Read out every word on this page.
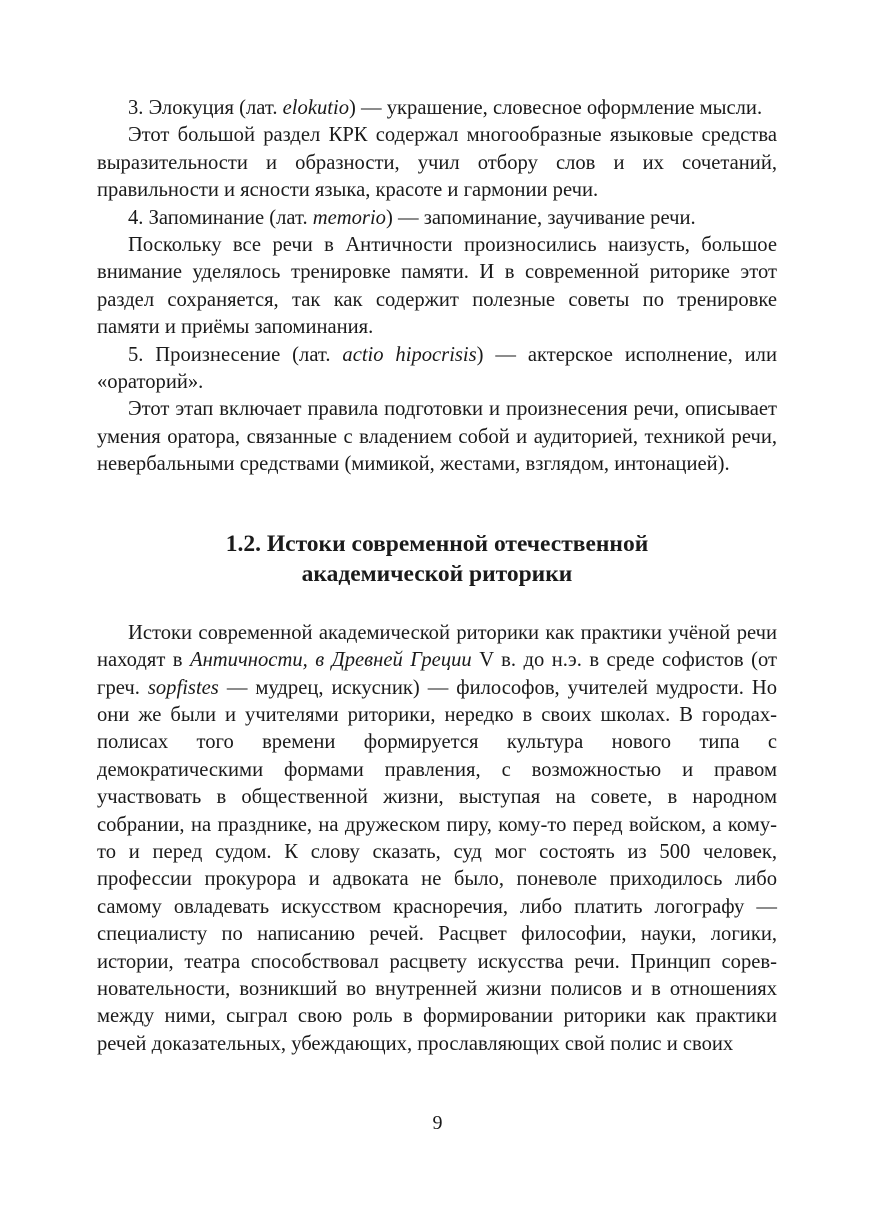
3. Элокуция (лат. elokutio) — украшение, словесное оформление мысли.

Этот большой раздел КРК содержал многообразные языковые средства выразительности и образности, учил отбору слов и их сочетаний, правильности и ясности языка, красоте и гармонии речи.

4. Запоминание (лат. memorio) — запоминание, заучивание речи.

Поскольку все речи в Античности произносились наизусть, большое внимание уделялось тренировке памяти. И в современной риторике этот раздел сохраняется, так как содержит полезные советы по тренировке памяти и приёмы запоминания.

5. Произнесение (лат. actio hipocrisis) — актерское исполнение, или «ораторий».

Этот этап включает правила подготовки и произнесения речи, описывает умения оратора, связанные с владением собой и аудиторией, техникой речи, невербальными средствами (мимикой, жестами, взглядом, интонацией).

1.2. Истоки современной отечественной
академической риторики

Истоки современной академической риторики как практики учёной речи находят в Античности, в Древней Греции V в. до н.э. в среде софистов (от греч. sopfistes — мудрец, искусник) — философов, учителей мудрости. Но они же были и учителями риторики, нередко в своих школах. В городах-полисах того времени формируется культура нового типа с демократическими формами правления, с возможностью и правом участвовать в общественной жизни, выступая на совете, в народном собрании, на празднике, на дружеском пиру, кому-то перед войском, а кому-то и перед судом. К слову сказать, суд мог состоять из 500 человек, профессии прокурора и адвоката не было, поневоле приходилось либо самому овладевать искусством красноречия, либо платить логографу — специалисту по написанию речей. Расцвет философии, науки, логики, истории, театра способствовал расцвету искусства речи. Принцип соревновательности, возникший во внутренней жизни полисов и в отношениях между ними, сыграл свою роль в формировании риторики как практики речей доказательных, убеждающих, прославляющих свой полис и своих

9
